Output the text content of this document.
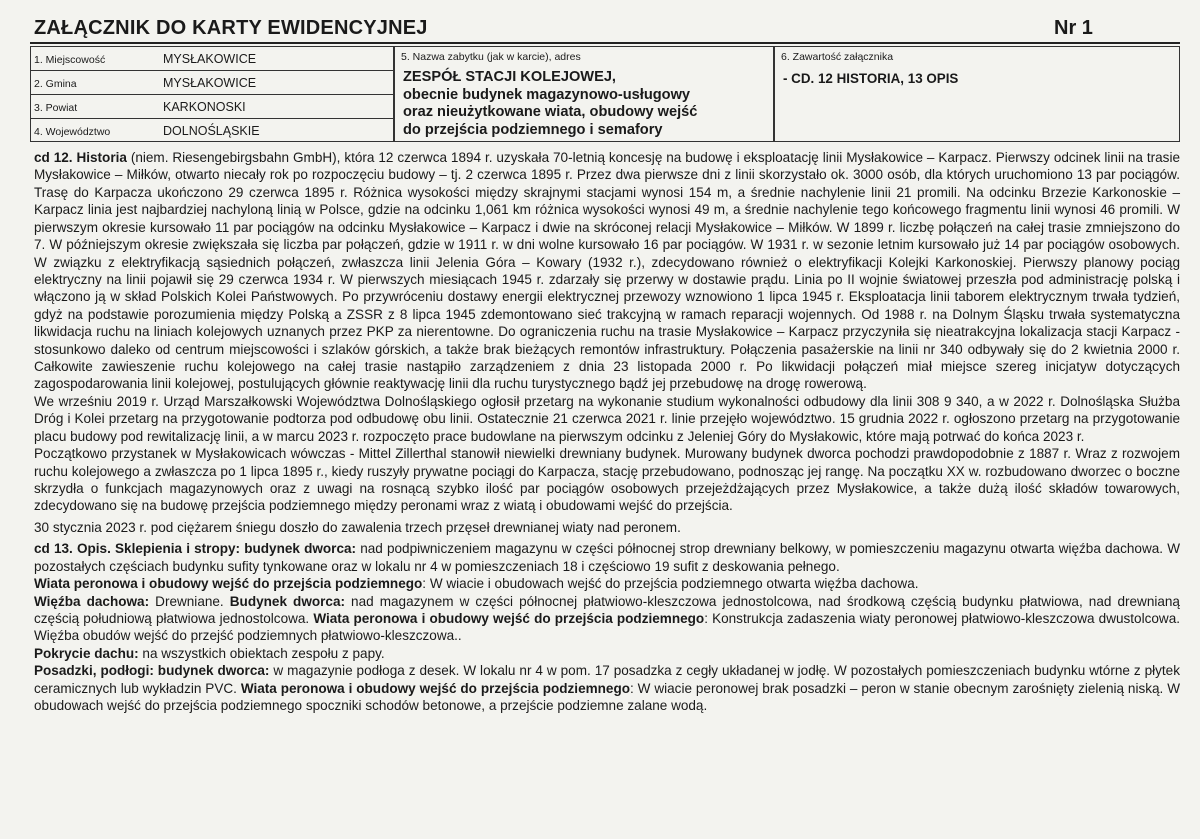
ZAŁĄCZNIK DO KARTY EWIDENCYJNEJ	Nr 1
1. Miejscowość	MYSŁAKOWICE
2. Gmina	MYSŁAKOWICE
3. Powiat	KARKONOSKI
4. Województwo	DOLNOŚLĄSKIE
5. Nazwa zabytku (jak w karcie), adres
ZESPÓŁ STACJI KOLEJOWEJ,
obecnie budynek magazynowo-usługowy
oraz nieużytkowane wiata, obudowy wejść
do przejścia podziemnego i semafory
6. Zawartość załącznika
- CD. 12 HISTORIA, 13 OPIS

cd 12. Historia (niem. Riesengebirgsbahn GmbH), która 12 czerwca 1894 r. uzyskała 70-letnią koncesję na budowę i eksploatację linii Mysłakowice – Karpacz. Pierwszy odcinek linii na trasie Mysłakowice – Miłków, otwarto niecały rok po rozpoczęciu budowy – tj. 2 czerwca 1895 r. Przez dwa pierwsze dni z linii skorzystało ok. 3000 osób, dla których uruchomiono 13 par pociągów. Trasę do Karpacza ukończono 29 czerwca 1895 r. Różnica wysokości między skrajnymi stacjami wynosi 154 m, a średnie nachylenie linii 21 promili. Na odcinku Brzezie Karkonoskie – Karpacz linia jest najbardziej nachyloną linią w Polsce, gdzie na odcinku 1,061 km różnica wysokości wynosi 49 m, a średnie nachylenie tego końcowego fragmentu linii wynosi 46 promili. W pierwszym okresie kursowało 11 par pociągów na odcinku Mysłakowice – Karpacz i dwie na skróconej relacji Mysłakowice – Miłków. W 1899 r. liczbę połączeń na całej trasie zmniejszono do 7. W późniejszym okresie zwiększała się liczba par połączeń, gdzie w 1911 r. w dni wolne kursowało 16 par pociągów. W 1931 r. w sezonie letnim kursowało już 14 par pociągów osobowych. W związku z elektryfikacją sąsiednich połączeń, zwłaszcza linii Jelenia Góra – Kowary (1932 r.), zdecydowano również o elektryfikacji Kolejki Karkonoskiej. Pierwszy planowy pociąg elektryczny na linii pojawił się 29 czerwca 1934 r. W pierwszych miesiącach 1945 r. zdarzały się przerwy w dostawie prądu. Linia po II wojnie światowej przeszła pod administrację polską i włączono ją w skład Polskich Kolei Państwowych. Po przywróceniu dostawy energii elektrycznej przewozy wznowiono 1 lipca 1945 r. Eksploatacja linii taborem elektrycznym trwała tydzień, gdyż na podstawie porozumienia między Polską a ZSSR z 8 lipca 1945 zdemontowano sieć trakcyjną w ramach reparacji wojennych. Od 1988 r. na Dolnym Śląsku trwała systematyczna likwidacja ruchu na liniach kolejowych uznanych przez PKP za nierentowne. Do ograniczenia ruchu na trasie Mysłakowice – Karpacz przyczyniła się nieatrakcyjna lokalizacja stacji Karpacz - stosunkowo daleko od centrum miejscowości i szlaków górskich, a także brak bieżących remontów infrastruktury. Połączenia pasażerskie na linii nr 340 odbywały się do 2 kwietnia 2000 r. Całkowite zawieszenie ruchu kolejowego na całej trasie nastąpiło zarządzeniem z dnia 23 listopada 2000 r. Po likwidacji połączeń miał miejsce szereg inicjatyw dotyczących zagospodarowania linii kolejowej, postulujących głównie reaktywację linii dla ruchu turystycznego bądź jej przebudowę na drogę rowerową.

We wrześniu 2019 r. Urząd Marszałkowski Województwa Dolnośląskiego ogłosił przetarg na wykonanie studium wykonalności odbudowy dla linii 308 9 340, a w 2022 r. Dolnośląska Służba Dróg i Kolei przetarg na przygotowanie podtorza pod odbudowę obu linii. Ostatecznie 21 czerwca 2021 r. linie przejęło województwo. 15 grudnia 2022 r. ogłoszono przetarg na przygotowanie placu budowy pod rewitalizację linii, a w marcu 2023 r. rozpoczęto prace budowlane na pierwszym odcinku z Jeleniej Góry do Mysłakowic, które mają potrwać do końca 2023 r.

Początkowo przystanek w Mysłakowicach wówczas - Mittel Zillerthal stanowił niewielki drewniany budynek. Murowany budynek dworca pochodzi prawdopodobnie z 1887 r. Wraz z rozwojem ruchu kolejowego a zwłaszcza po 1 lipca 1895 r., kiedy ruszyły prywatne pociągi do Karpacza, stację przebudowano, podnosząc jej rangę. Na początku XX w. rozbudowano dworzec o boczne skrzydła o funkcjach magazynowych oraz z uwagi na rosnącą szybko ilość par pociągów osobowych przejeżdżających przez Mysłakowice, a także dużą ilość składów towarowych, zdecydowano się na budowę przejścia podziemnego między peronami wraz z wiatą i obudowami wejść do przejścia.

30 stycznia 2023 r. pod ciężarem śniegu doszło do zawalenia trzech przęseł drewnianej wiaty nad peronem.

cd 13. Opis. Sklepienia i stropy: budynek dworca: nad podpiwniczeniem magazynu w części północnej strop drewniany belkowy, w pomieszczeniu magazynu otwarta więźba dachowa. W pozostałych częściach budynku sufity tynkowane oraz w lokalu nr 4 w pomieszczeniach 18 i częściowo 19 sufit z deskowania pełnego.

Wiata peronowa i obudowy wejść do przejścia podziemnego: W wiacie i obudowach wejść do przejścia podziemnego otwarta więźba dachowa.

Więźba dachowa: Drewniane. Budynek dworca: nad magazynem w części północnej płatwiowo-kleszczowa jednostolcowa, nad środkową częścią budynku płatwiowa, nad drewnianą częścią południową płatwiowa jednostolcowa. Wiata peronowa i obudowy wejść do przejścia podziemnego: Konstrukcja zadaszenia wiaty peronowej płatwiowo-kleszczowa dwustolcowa. Więźba obudów wejść do przejść podziemnych płatwiowo-kleszczowa..

Pokrycie dachu: na wszystkich obiektach zespołu z papy.

Posadzki, podłogi: budynek dworca: w magazynie podłoga z desek. W lokalu nr 4 w pom. 17 posadzka z cegły układanej w jodłę. W pozostałych pomieszczeniach budynku wtórne z płytek ceramicznych lub wykładzin PVC. Wiata peronowa i obudowy wejść do przejścia podziemnego: W wiacie peronowej brak posadzki – peron w stanie obecnym zarośnięty zielenią niską. W obudowach wejść do przejścia podziemnego spoczniki schodów betonowe, a przejście podziemne zalane wodą.
